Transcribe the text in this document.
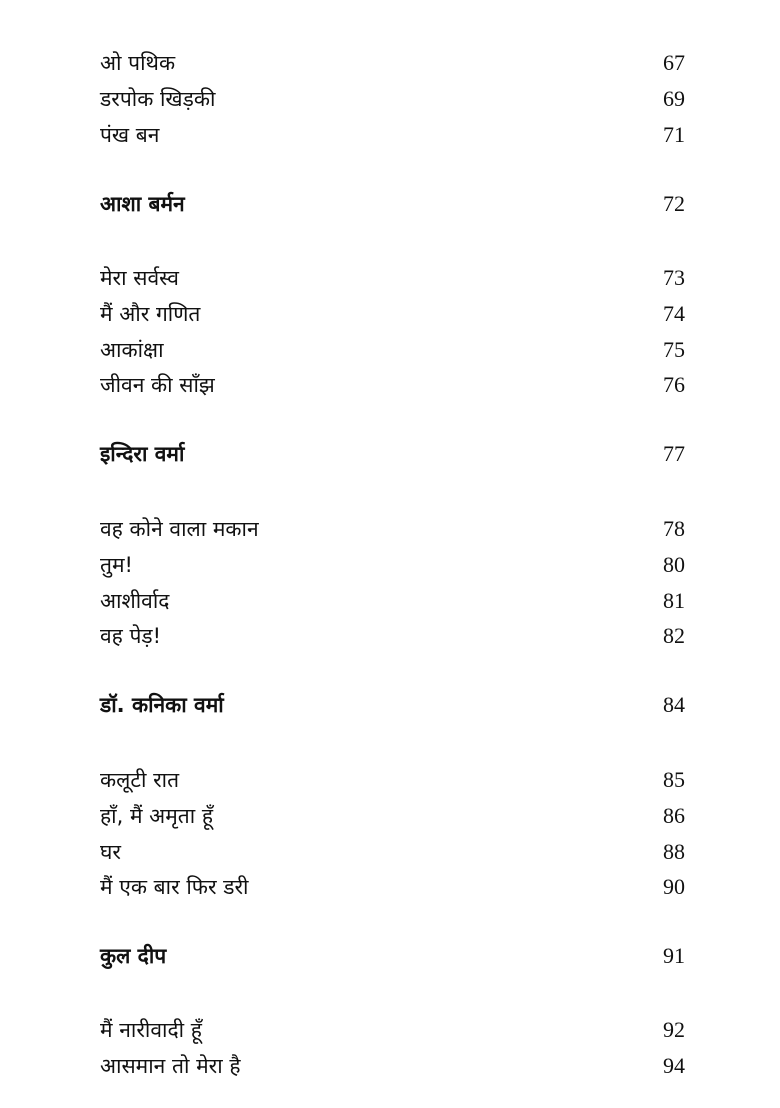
ओ पथिक	67
डरपोक खिड़की	69
पंख बन	71
आशा बर्मन	72
मेरा सर्वस्व	73
मैं और गणित	74
आकांक्षा	75
जीवन की साँझ	76
इन्दिरा वर्मा	77
वह कोने वाला मकान	78
तुम!	80
आशीर्वाद	81
वह पेड़!	82
डॉ. कनिका वर्मा	84
कलूटी रात	85
हाँ, मैं अमृता हूँ	86
घर	88
मैं एक बार फिर डरी	90
कुल दीप	91
मैं नारीवादी हूँ	92
आसमान तो मेरा है	94
